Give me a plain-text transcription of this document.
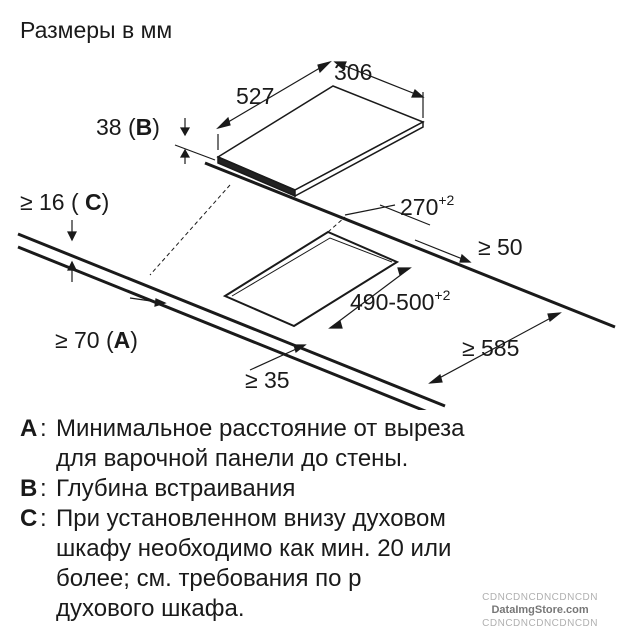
Размеры в мм
306
527
38 (B)
≥ 16 ( C)	$270^{+2}$
≥ 50
$490-500^{+2}$
≥ 70 (A)	≥ 585
≥ 35
A : Минимальное расстояние от выреза
для варочной панели до стены.
B : Глубина встраивания
C : При установленном внизу духовом
шкафу необходимо как мин. 20 или
более; см. требования по р
духового шкафа.	CDNCDNCDNCDNCDN
DataImgStore.com
CDNCDNCDNCDNCDN
